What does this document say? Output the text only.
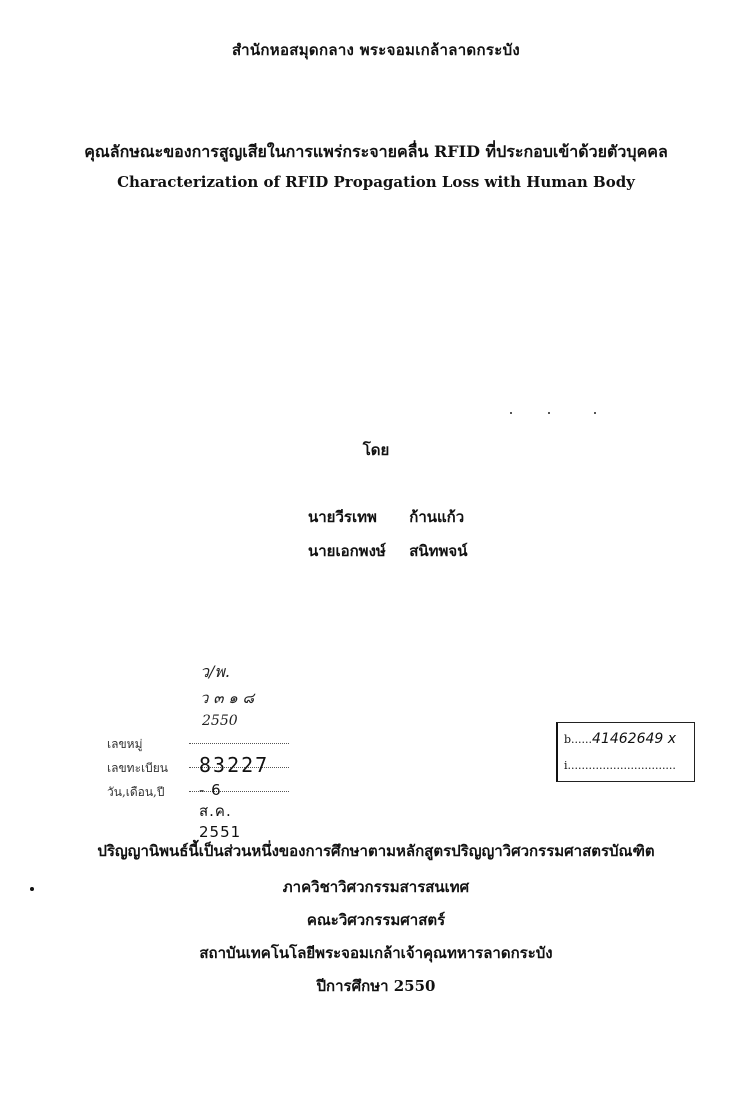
สำนักหอสมุดกลาง พระจอมเกล้าลาดกระบัง
คุณลักษณะของการสูญเสียในการแพร่กระจายคลื่น RFID ที่ประกอบเข้าด้วยตัวบุคคล
Characterization of RFID Propagation Loss with Human Body
โดย
นายวีรเทพ ก้านแก้ว
นายเอกพงษ์ สนิทพจน์
ว/พ.
ว ๓ ๑ ๘
2550
เลขหมู่
เลขทะเบียน 83227
วัน,เดือน,ปี - 6 ส.ค. 2551
b......41462649 x
i...............................
ปริญญานิพนธ์นี้เป็นส่วนหนึ่งของการศึกษาตามหลักสูตรปริญญาวิศวกรรมศาสตรบัณฑิต
ภาควิชาวิศวกรรมสารสนเทศ
คณะวิศวกรรมศาสตร์
สถาบันเทคโนโลยีพระจอมเกล้าเจ้าคุณทหารลาดกระบัง
ปีการศึกษา 2550
